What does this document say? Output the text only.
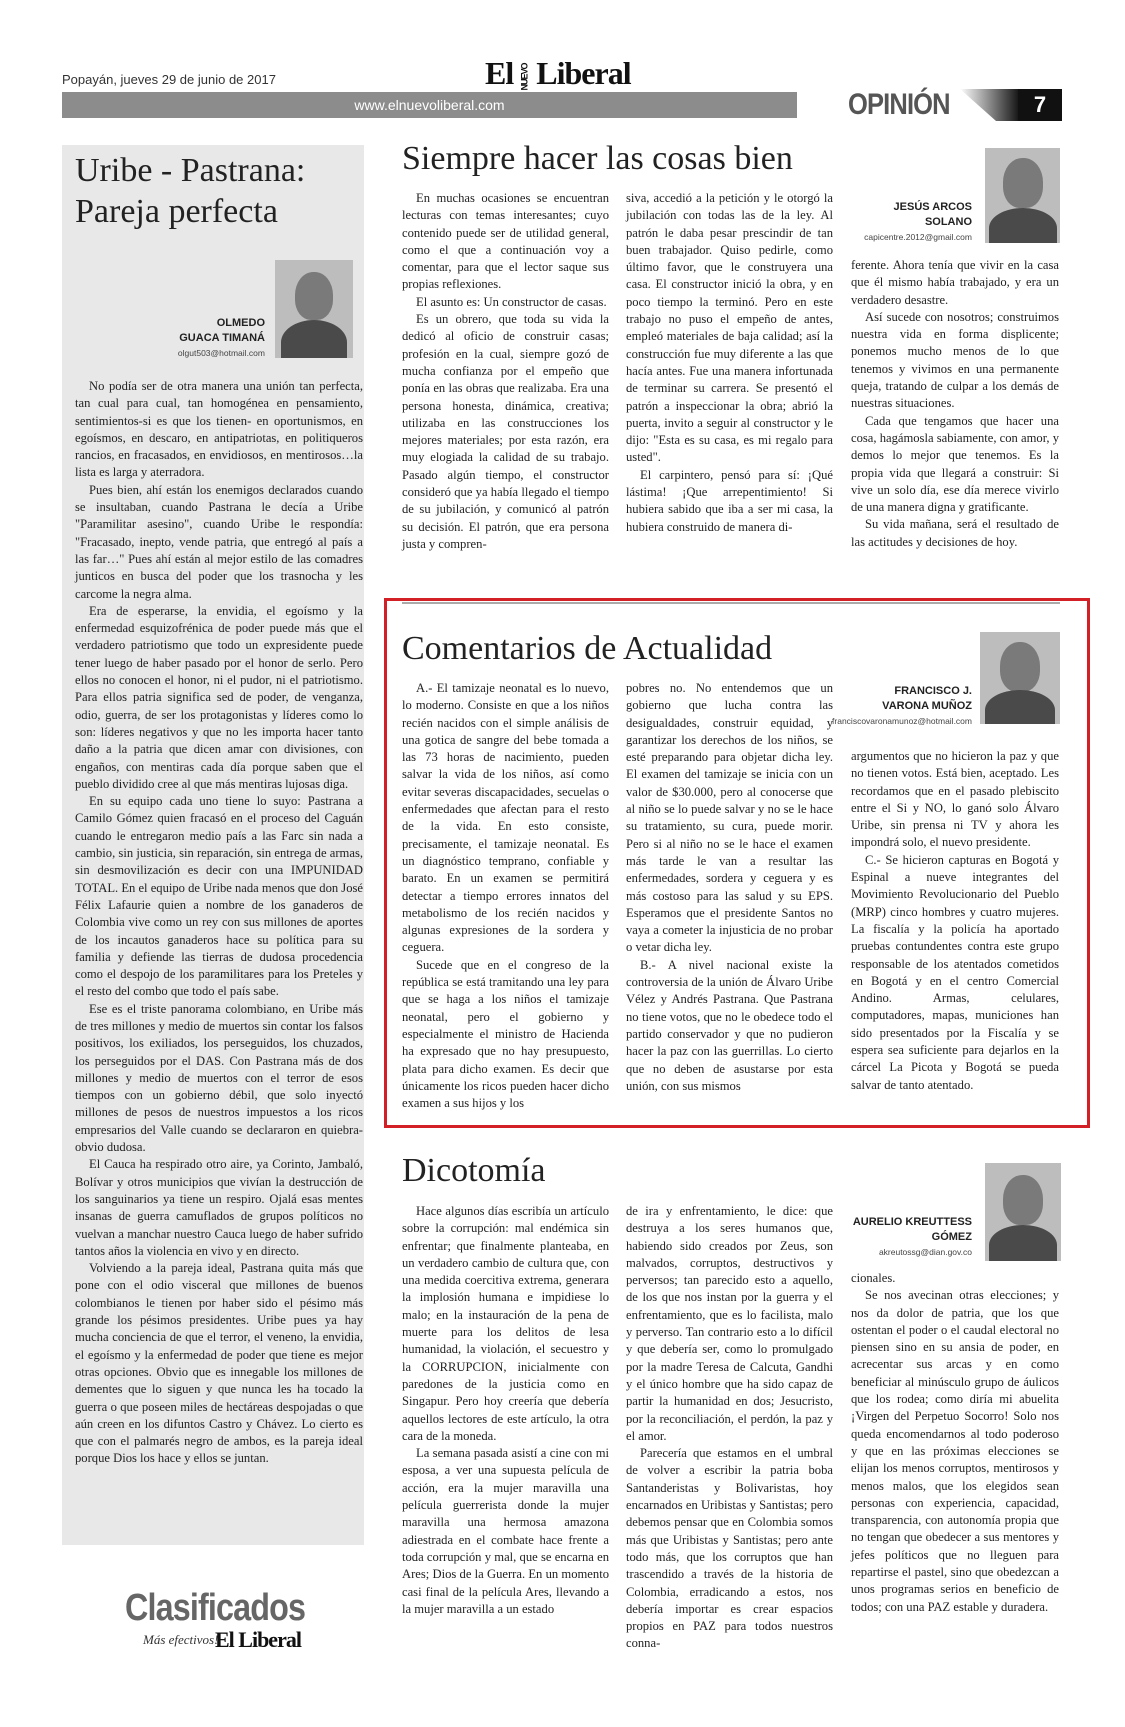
Popayán, jueves 29 de junio de 2017	El NUEVO Liberal
www.elnuevoliberal.com	OPINIÓN	7
Uribe - Pastrana: Pareja perfecta
OLMEDO
GUACA TIMANÁ
olgut503@hotmail.com

No podía ser de otra manera una unión tan perfecta, tan cual para cual, tan homogénea en pensamiento, sentimientos-si es que los tienen- en oportunismos, en egoísmos, en descaro, en antipatriotas, en politiqueros rancios, en fracasados, en envidiosos, en mentirosos…la lista es larga y aterradora.

Pues bien, ahí están los enemigos declarados cuando se insultaban, cuando Pastrana le decía a Uribe "Paramilitar asesino", cuando Uribe le respondía: "Fracasado, inepto, vende patria, que entregó al país a las far…" Pues ahí están al mejor estilo de las comadres junticos en busca del poder que los trasnocha y les carcome la negra alma.

Era de esperarse, la envidia, el egoísmo y la enfermedad esquizofrénica de poder puede más que el verdadero patriotismo que todo un expresidente puede tener luego de haber pasado por el honor de serlo. Pero ellos no conocen el honor, ni el pudor, ni el patriotismo. Para ellos patria significa sed de poder, de venganza, odio, guerra, de ser los protagonistas y líderes como lo son: líderes negativos y que no les importa hacer tanto daño a la patria que dicen amar con divisiones, con engaños, con mentiras cada día porque saben que el pueblo dividido cree al que más mentiras lujosas diga.

En su equipo cada uno tiene lo suyo: Pastrana a Camilo Gómez quien fracasó en el proceso del Caguán cuando le entregaron medio país a las Farc sin nada a cambio, sin justicia, sin reparación, sin entrega de armas, sin desmovilización es decir con una IMPUNIDAD TOTAL. En el equipo de Uribe nada menos que don José Félix Lafaurie quien a nombre de los ganaderos de Colombia vive como un rey con sus millones de aportes de los incautos ganaderos hace su política para su familia y defiende las tierras de dudosa procedencia como el despojo de los paramilitares para los Preteles y el resto del combo que todo el país sabe.

Ese es el triste panorama colombiano, en Uribe más de tres millones y medio de muertos sin contar los falsos positivos, los exiliados, los perseguidos, los chuzados, los perseguidos por el DAS. Con Pastrana más de dos millones y medio de muertos con el terror de esos tiempos con un gobierno débil, que solo inyectó millones de pesos de nuestros impuestos a los ricos empresarios del Valle cuando se declararon en quiebra-obvio dudosa.

El Cauca ha respirado otro aire, ya Corinto, Jambaló, Bolívar y otros municipios que vivían la destrucción de los sanguinarios ya tiene un respiro. Ojalá esas mentes insanas de guerra camuflados de grupos políticos no vuelvan a manchar nuestro Cauca luego de haber sufrido tantos años la violencia en vivo y en directo.

Volviendo a la pareja ideal, Pastrana quita más que pone con el odio visceral que millones de buenos colombianos le tienen por haber sido el pésimo más grande los pésimos presidentes. Uribe pues ya hay mucha conciencia de que el terror, el veneno, la envidia, el egoísmo y la enfermedad de poder que tiene es mejor otras opciones. Obvio que es innegable los millones de dementes que lo siguen y que nunca les ha tocado la guerra o que poseen miles de hectáreas despojadas o que aún creen en los difuntos Castro y Chávez. Lo cierto es que con el palmarés negro de ambos, es la pareja ideal porque Dios los hace y ellos se juntan.

Siempre hacer las cosas bien
JESÚS ARCOS
SOLANO
capicentre.2012@gmail.com

En muchas ocasiones se encuentran lecturas con temas interesantes; cuyo contenido puede ser de utilidad general, como el que a continuación voy a comentar, para que el lector saque sus propias reflexiones.

El asunto es: Un constructor de casas.

Es un obrero, que toda su vida la dedicó al oficio de construir casas; profesión en la cual, siempre gozó de mucha confianza por el empeño que ponía en las obras que realizaba. Era una persona honesta, dinámica, creativa; utilizaba en las construcciones los mejores materiales; por esta razón, era muy elogiada la calidad de su trabajo. Pasado algún tiempo, el constructor consideró que ya había llegado el tiempo de su jubilación, y comunicó al patrón su decisión. El patrón, que era persona justa y compren-

siva, accedió a la petición y le otorgó la jubilación con todas las de la ley. Al patrón le daba pesar prescindir de tan buen trabajador. Quiso pedirle, como último favor, que le construyera una casa. El constructor inició la obra, y en poco tiempo la terminó. Pero en este trabajo no puso el empeño de antes, empleó materiales de baja calidad; así la construcción fue muy diferente a las que hacía antes. Fue una manera infortunada de terminar su carrera. Se presentó el patrón a inspeccionar la obra; abrió la puerta, invito a seguir al constructor y le dijo: "Esta es su casa, es mi regalo para usted".

El carpintero, pensó para sí: ¡Qué lástima! ¡Que arrepentimiento! Si hubiera sabido que iba a ser mi casa, la hubiera construido de manera di-

ferente. Ahora tenía que vivir en la casa que él mismo había trabajado, y era un verdadero desastre.

Así sucede con nosotros; construimos nuestra vida en forma displicente; ponemos mucho menos de lo que tenemos y vivimos en una permanente queja, tratando de culpar a los demás de nuestras situaciones.

Cada que tengamos que hacer una cosa, hagámosla sabiamente, con amor, y demos lo mejor que tenemos. Es la propia vida que llegará a construir: Si vive un solo día, ese día merece vivirlo de una manera digna y gratificante.

Su vida mañana, será el resultado de las actitudes y decisiones de hoy.

Comentarios de Actualidad
FRANCISCO J.
VARONA MUÑOZ
franciscovaronamunoz@hotmail.com

A.- El tamizaje neonatal es lo nuevo, lo moderno. Consiste en que a los niños recién nacidos con el simple análisis de una gotica de sangre del bebe tomada a las 73 horas de nacimiento, pueden salvar la vida de los niños, así como evitar severas discapacidades, secuelas o enfermedades que afectan para el resto de la vida. En esto consiste, precisamente, el tamizaje neonatal. Es un diagnóstico temprano, confiable y barato. En un examen se permitirá detectar a tiempo errores innatos del metabolismo de los recién nacidos y algunas expresiones de la sordera y ceguera.

Sucede que en el congreso de la república se está tramitando una ley para que se haga a los niños el tamizaje neonatal, pero el gobierno y especialmente el ministro de Hacienda ha expresado que no hay presupuesto, plata para dicho examen. Es decir que únicamente los ricos pueden hacer dicho examen a sus hijos y los

pobres no. No entendemos que un gobierno que lucha contra las desigualdades, construir equidad, y garantizar los derechos de los niños, se esté preparando para objetar dicha ley. El examen del tamizaje se inicia con un valor de $30.000, pero al conocerse que al niño se lo puede salvar y no se le hace su tratamiento, su cura, puede morir. Pero si al niño no se le hace el examen más tarde le van a resultar las enfermedades, sordera y ceguera y es más costoso para las salud y su EPS. Esperamos que el presidente Santos no vaya a cometer la injusticia de no probar o vetar dicha ley.

B.- A nivel nacional existe la controversia de la unión de Álvaro Uribe Vélez y Andrés Pastrana. Que Pastrana no tiene votos, que no le obedece todo el partido conservador y que no pudieron hacer la paz con las guerrillas. Lo cierto que no deben de asustarse por esta unión, con sus mismos

argumentos que no hicieron la paz y que no tienen votos. Está bien, aceptado. Les recordamos que en el pasado plebiscito entre el Si y NO, lo ganó solo Álvaro Uribe, sin prensa ni TV y ahora les impondrá solo, el nuevo presidente.

C.- Se hicieron capturas en Bogotá y Espinal a nueve integrantes del Movimiento Revolucionario del Pueblo (MRP) cinco hombres y cuatro mujeres. La fiscalía y la policía ha aportado pruebas contundentes contra este grupo responsable de los atentados cometidos en Bogotá y en el centro Comercial Andino. Armas, celulares, computadores, mapas, municiones han sido presentados por la Fiscalía y se espera sea suficiente para dejarlos en la cárcel La Picota y Bogotá se pueda salvar de tanto atentado.

Dicotomía
AURELIO KREUTTESS
GÓMEZ
akreutossg@dian.gov.co

Hace algunos días escribía un artículo sobre la corrupción: mal endémica sin enfrentar; que finalmente planteaba, en un verdadero cambio de cultura que, con una medida coercitiva extrema, generara la implosión humana e impidiese lo malo; en la instauración de la pena de muerte para los delitos de lesa humanidad, la violación, el secuestro y la CORRUPCION, inicialmente con paredones de la justicia como en Singapur. Pero hoy creería que debería aquellos lectores de este artículo, la otra cara de la moneda.

La semana pasada asistí a cine con mi esposa, a ver una supuesta película de acción, era la mujer maravilla una película guerrerista donde la mujer maravilla una hermosa amazona adiestrada en el combate hace frente a toda corrupción y mal, que se encarna en Ares; Dios de la Guerra. En un momento casi final de la película Ares, llevando a la mujer maravilla a un estado

de ira y enfrentamiento, le dice: que destruya a los seres humanos que, habiendo sido creados por Zeus, son malvados, corruptos, destructivos y perversos; tan parecido esto a aquello, de los que nos instan por la guerra y el enfrentamiento, que es lo facilista, malo y perverso. Tan contrario esto a lo difícil y que debería ser, como lo promulgado por la madre Teresa de Calcuta, Gandhi y el único hombre que ha sido capaz de partir la humanidad en dos; Jesucristo, por la reconciliación, el perdón, la paz y el amor.

Parecería que estamos en el umbral de volver a escribir la patria boba Santanderistas y Bolivaristas, hoy encarnados en Uribistas y Santistas; pero debemos pensar que en Colombia somos más que Uribistas y Santistas; pero ante todo más, que los corruptos que han trascendido a través de la historia de Colombia, erradicando a estos, nos debería importar es crear espacios propios en PAZ para todos nuestros conna-

cionales.

Se nos avecinan otras elecciones; y nos da dolor de patria, que los que ostentan el poder o el caudal electoral no piensen sino en su ansia de poder, en acrecentar sus arcas y en como beneficiar al minúsculo grupo de áulicos que los rodea; como diría mi abuelita ¡Virgen del Perpetuo Socorro! Solo nos queda encomendarnos al todo poderoso y que en las próximas elecciones se elijan los menos corruptos, mentirosos y menos malos, que los elegidos sean personas con experiencia, capacidad, transparencia, con autonomía propia que no tengan que obedecer a sus mentores y jefes políticos que no lleguen para repartirse el pastel, sino que obedezcan a unos programas serios en beneficio de todos; con una PAZ estable y duradera.

Clasificados
Más efectivos!
El Liberal
